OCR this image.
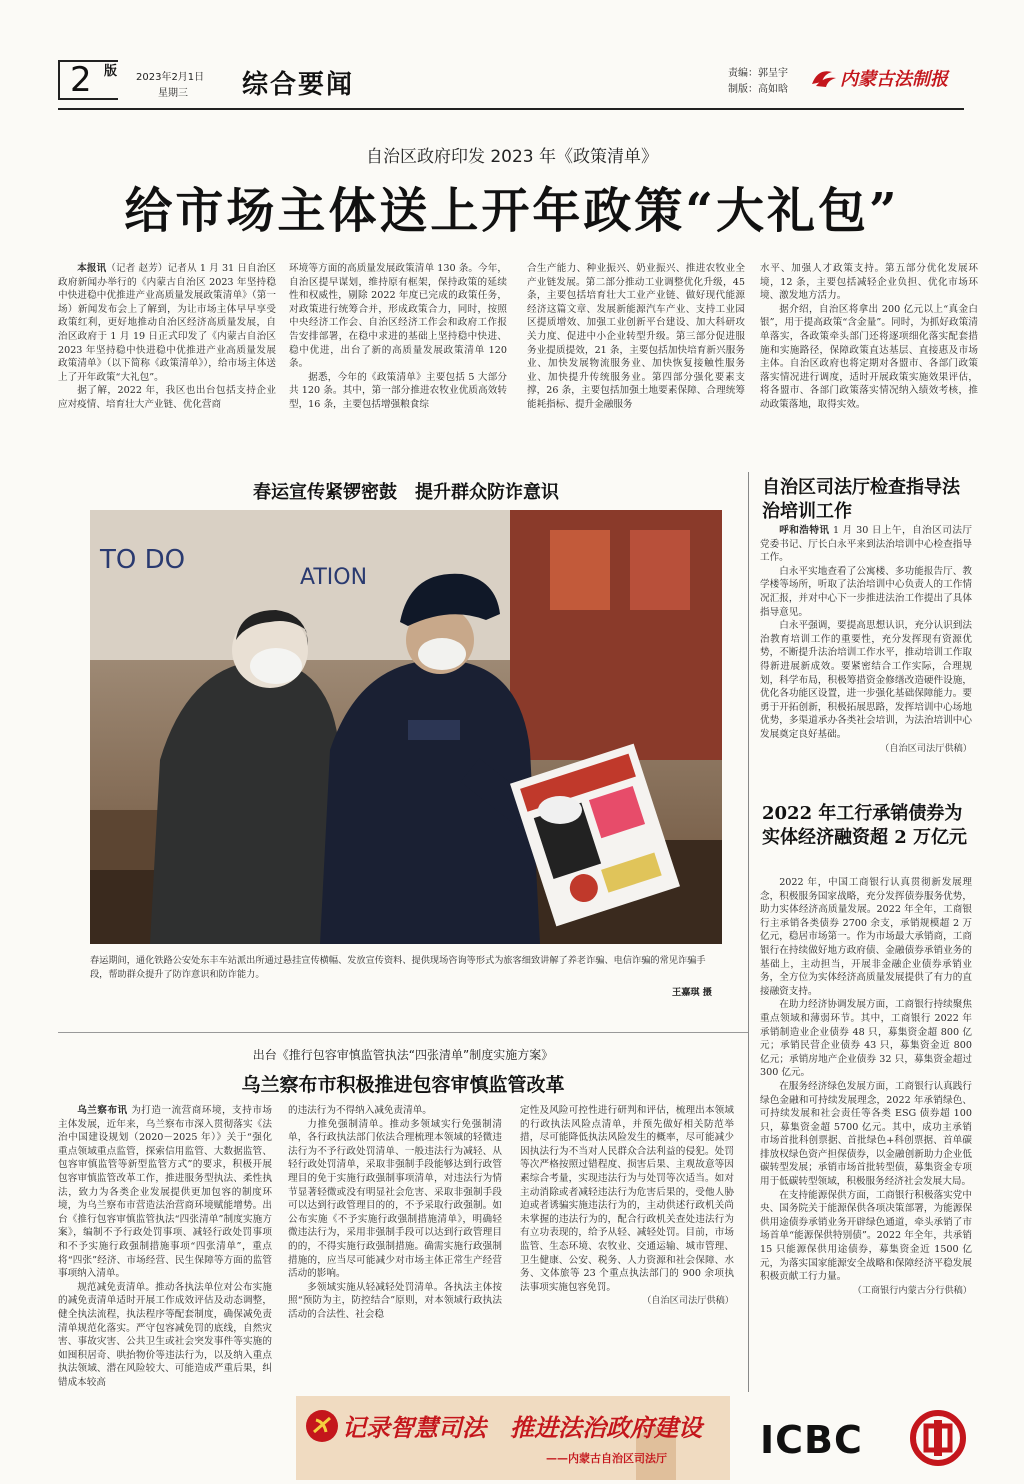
2 版 2023年2月1日
星期三 综合要闻	责编：郭呈宇
制版：高如晗	内蒙古法制报
自治区政府印发 2023 年《政策清单》
给市场主体送上开年政策“大礼包”

本报讯（记者 赵芳）记者从 1 月 31 日自治区政府新闻办举行的《内蒙古自治区 2023 年坚持稳中快进稳中优推进产业高质量发展政策清单》（第一场）新闻发布会上了解到，为让市场主体早早享受政策红利，更好地推动自治区经济高质量发展，自治区政府于 1 月 19 日正式印发了《内蒙古自治区 2023 年坚持稳中快进稳中优推进产业高质量发展政策清单》（以下简称《政策清单》），给市场主体送上了开年政策“大礼包”。

据了解，2022 年，我区也出台包括支持企业应对疫情、培育壮大产业链、优化营商

环境等方面的高质量发展政策清单 130 条。今年，自治区提早谋划，维持原有框架，保持政策的延续性和权威性，剔除 2022 年度已完成的政策任务，对政策进行统筹合并，形成政策合力，同时，按照中央经济工作会、自治区经济工作会和政府工作报告安排部署，在稳中求进的基础上坚持稳中快进、稳中优进，出台了新的高质量发展政策清单 120 条。

据悉，今年的《政策清单》主要包括 5 大部分共 120 条。其中，第一部分推进农牧业优质高效转型，16 条，主要包括增强粮食综

合生产能力、种业振兴、奶业振兴、推进农牧业全产业链发展。第二部分推动工业调整优化升级，45 条，主要包括培育壮大工业产业链、做好现代能源经济这篇文章、发展新能源汽车产业、支持工业园区提质增效、加强工业创新平台建设、加大科研攻关力度、促进中小企业转型升级。第三部分促进服务业提质提效，21 条，主要包括加快培育新兴服务业、加快发展物流服务业、加快恢复接触性服务业、加快提升传统服务业。第四部分强化要素支撑，26 条，主要包括加强土地要素保障、合理统筹能耗指标、提升金融服务

水平、加强人才政策支持。第五部分优化发展环境，12 条，主要包括减轻企业负担、优化市场环境、激发地方活力。

据介绍，自治区将拿出 200 亿元以上“真金白银”，用于提高政策“含金量”。同时，为抓好政策清单落实，各政策牵头部门还将逐项细化落实配套措施和实施路径，保障政策直达基层、直接惠及市场主体。自治区政府也将定期对各盟市、各部门政策落实情况进行调度，适时开展政策实施效果评估，将各盟市、各部门政策落实情况纳入绩效考核，推动政策落地，取得实效。

春运宣传紧锣密鼓　提升群众防诈意识
TO DO
ATION
春运期间，通化铁路公安处东丰车站派出所通过悬挂宣传横幅、发放宣传资料、提供现场咨询等形式为旅客细致讲解了养老诈骗、电信诈骗的常见诈骗手段，帮助群众提升了防诈意识和防诈能力。
王嘉琪 摄
自治区司法厅检查指导法治培训工作

呼和浩特讯 1 月 30 日上午，自治区司法厅党委书记、厅长白永平来到法治培训中心检查指导工作。

白永平实地查看了公寓楼、多功能报告厅、教学楼等场所，听取了法治培训中心负责人的工作情况汇报，并对中心下一步推进法治工作提出了具体指导意见。

白永平强调，要提高思想认识，充分认识到法治教育培训工作的重要性，充分发挥现有资源优势，不断提升法治培训工作水平，推动培训工作取得新进展新成效。要紧密结合工作实际，合理规划，科学布局，积极筹措资金修缮改造硬件设施，优化各功能区设置，进一步强化基础保障能力。要勇于开拓创新，积极拓展思路，发挥培训中心场地优势，多渠道承办各类社会培训，为法治培训中心发展奠定良好基础。

（自治区司法厅供稿）
2022 年工行承销债券为实体经济融资超 2 万亿元

2022 年，中国工商银行认真贯彻新发展理念，积极服务国家战略，充分发挥债券服务优势，助力实体经济高质量发展。2022 年全年，工商银行主承销各类债券 2700 余支，承销规模超 2 万亿元，稳居市场第一。作为市场最大承销商，工商银行在持续做好地方政府债、金融债券承销业务的基础上，主动担当，开展非金融企业债券承销业务，全方位为实体经济高质量发展提供了有力的直接融资支持。

在助力经济协调发展方面，工商银行持续聚焦重点领域和薄弱环节。其中，工商银行 2022 年承销制造业企业债券 48 只，募集资金超 800 亿元；承销民营企业债券 43 只，募集资金近 800 亿元；承销房地产企业债券 32 只，募集资金超过 300 亿元。

在服务经济绿色发展方面，工商银行认真践行绿色金融和可持续发展理念，2022 年承销绿色、可持续发展和社会责任等各类 ESG 债券超 100 只，募集资金超 5700 亿元。其中，成功主承销市场首批科创票据、首批绿色+科创票据、首单碳排放权绿色资产担保债券，以金融创新助力企业低碳转型发展；承销市场首批转型债，募集资金专项用于低碳转型领域，积极服务经济社会发展大局。

在支持能源保供方面，工商银行积极落实党中央、国务院关于能源保供各项决策部署，为能源保供用途债券承销业务开辟绿色通道，牵头承销了市场首单“能源保供特别债”。2022 年全年，共承销 15 只能源保供用途债券，募集资金近 1500 亿元，为落实国家能源安全战略和保障经济平稳发展积极贡献工行力量。

（工商银行内蒙古分行供稿）
出台《推行包容审慎监管执法“四张清单”制度实施方案》
乌兰察布市积极推进包容审慎监管改革

乌兰察布讯 为打造一流营商环境，支持市场主体发展，近年来，乌兰察布市深入贯彻落实《法治中国建设规划（2020－2025 年）》关于“强化重点领域重点监管，探索信用监管、大数据监管、包容审慎监管等新型监管方式”的要求，积极开展包容审慎监管改革工作，推进服务型执法、柔性执法，致力为各类企业发展提供更加包容的制度环境，为乌兰察布市营造法治营商环境赋能增势。出台《推行包容审慎监管执法“四张清单”制度实施方案》，编制不予行政处罚事项、减轻行政处罚事项和不予实施行政强制措施事项“四张清单”，重点将“四张”经济、市场经营、民生保障等方面的监管事项纳入清单。

规范减免责清单。推动各执法单位对公布实施的减免责清单适时开展工作成效评估及动态调整，健全执法流程，执法程序等配套制度，确保减免责清单规范化落实。严守包容减免罚的底线，自然灾害、事故灾害、公共卫生或社会突发事件等实施的如囤积居奇、哄抬物价等违法行为，以及纳入重点执法领域、潜在风险较大、可能造成严重后果，纠错成本较高

的违法行为不得纳入减免责清单。

力推免强制清单。推动多领域实行免强制清单，各行政执法部门依法合理梳理本领域的轻微违法行为不予行政处罚清单、一般违法行为减轻、从轻行政处罚清单，采取非强制手段能够达到行政管理目的免于实施行政强制事项清单，对违法行为情节显著轻微或没有明显社会危害、采取非强制手段可以达到行政管理目的的，不予采取行政强制。如公布实施《不予实施行政强制措施清单》，明确轻微违法行为，采用非强制手段可以达到行政管理目的的，不得实施行政强制措施。确需实施行政强制措施的，应当尽可能减少对市场主体正常生产经营活动的影响。

多领域实施从轻减轻处罚清单。各执法主体按照“预防为主，防控结合”原则，对本领域行政执法活动的合法性、社会稳

定性及风险可控性进行研判和评估，梳理出本领域的行政执法风险点清单，并预先做好相关防范举措，尽可能降低执法风险发生的概率，尽可能减少因执法行为不当对人民群众合法利益的侵犯。处罚等次严格按照过错程度、损害后果、主观故意等因素综合考量，实现违法行为与处罚等次适当。如对主动消除或者减轻违法行为危害后果的，受他人胁迫或者诱骗实施违法行为的，主动供述行政机关尚未掌握的违法行为的，配合行政机关查处违法行为有立功表现的，给予从轻、减轻处罚。目前，市场监管、生态环境、农牧业、交通运输、城市管理、卫生健康、公安、税务、人力资源和社会保障、水务、文体旅等 23 个重点执法部门的 900 余项执法事项实施包容免罚。

（自治区司法厅供稿）
记录智慧司法　推进法治政府建设
——内蒙古自治区司法厅 ICBC
